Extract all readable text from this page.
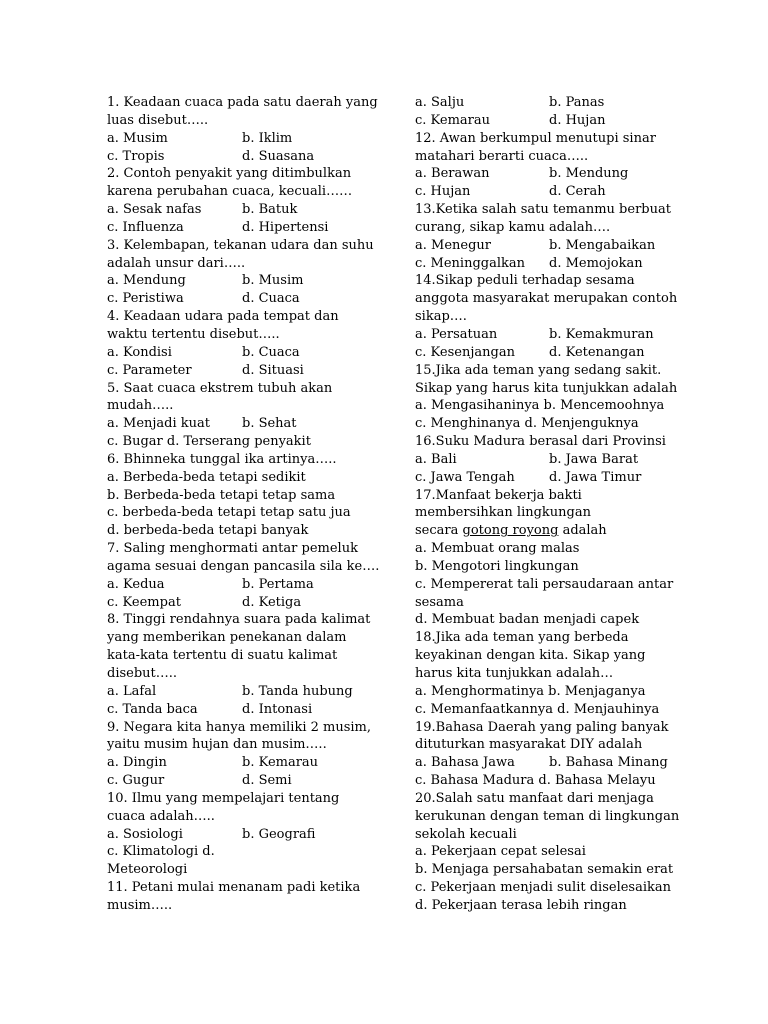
1. Keadaan cuaca pada satu daerah yang
luas disebut…..
a. Musim	b. Iklim
c. Tropis	d. Suasana
2. Contoh penyakit yang ditimbulkan
karena perubahan cuaca, kecuali……
a. Sesak nafas	b. Batuk
c. Influenza	d. Hipertensi
3. Kelembapan, tekanan udara dan suhu
adalah unsur dari…..
a. Mendung	b. Musim
c. Peristiwa	d. Cuaca
4. Keadaan udara pada tempat dan
waktu tertentu disebut…..
a. Kondisi	b. Cuaca
c. Parameter	d. Situasi
5. Saat cuaca ekstrem tubuh akan
mudah…..
a. Menjadi kuat b. Sehat
c. Bugar d. Terserang penyakit
6. Bhinneka tunggal ika artinya…..
a. Berbeda-beda tetapi sedikit
b. Berbeda-beda tetapi tetap sama
c. berbeda-beda tetapi tetap satu jua
d. berbeda-beda tetapi banyak
7. Saling menghormati antar pemeluk
agama sesuai dengan pancasila sila ke….
a. Kedua	b. Pertama
c. Keempat	d. Ketiga
8. Tinggi rendahnya suara pada kalimat
yang memberikan penekanan dalam
kata-kata tertentu di suatu kalimat
disebut…..
a. Lafal	b. Tanda hubung
c. Tanda baca	d. Intonasi
9. Negara kita hanya memiliki 2 musim,
yaitu musim hujan dan musim…..
a. Dingin	b. Kemarau
c. Gugur	d. Semi
10. Ilmu yang mempelajari tentang
cuaca adalah…..
a. Sosiologi	b. Geografi
c. Klimatologi d.
Meteorologi
11. Petani mulai menanam padi ketika
musim…..
a. Salju	b. Panas
c. Kemarau	d. Hujan
12. Awan berkumpul menutupi sinar
matahari berarti cuaca…..
a. Berawan	b. Mendung
c. Hujan	d. Cerah
13.Ketika salah satu temanmu berbuat
curang, sikap kamu adalah….
a. Menegur	b. Mengabaikan
c. Meninggalkan d. Memojokan
14.Sikap peduli terhadap sesama
anggota masyarakat merupakan contoh
sikap….
a. Persatuan	b. Kemakmuran
c. Kesenjangan	d. Ketenangan
15.Jika ada teman yang sedang sakit.
Sikap yang harus kita tunjukkan adalah
a. Mengasihaninya b. Mencemoohnya
c. Menghinanya d. Menjenguknya
16.Suku Madura berasal dari Provinsi
a. Bali	b. Jawa Barat
c. Jawa Tengah	d. Jawa Timur
17.Manfaat bekerja bakti
membersihkan lingkungan
secara gotong royong adalah
a. Membuat orang malas
b. Mengotori lingkungan
c. Mempererat tali persaudaraan antar
sesama
d. Membuat badan menjadi capek
18.Jika ada teman yang berbeda
keyakinan dengan kita. Sikap yang
harus kita tunjukkan adalah…
a. Menghormatinya b. Menjaganya
c. Memanfaatkannya d. Menjauhinya
19.Bahasa Daerah yang paling banyak
dituturkan masyarakat DIY adalah
a. Bahasa Jawa	b. Bahasa Minang
c. Bahasa Madura d. Bahasa Melayu
20.Salah satu manfaat dari menjaga
kerukunan dengan teman di lingkungan
sekolah kecuali
a. Pekerjaan cepat selesai
b. Menjaga persahabatan semakin erat
c. Pekerjaan menjadi sulit diselesaikan
d. Pekerjaan terasa lebih ringan
